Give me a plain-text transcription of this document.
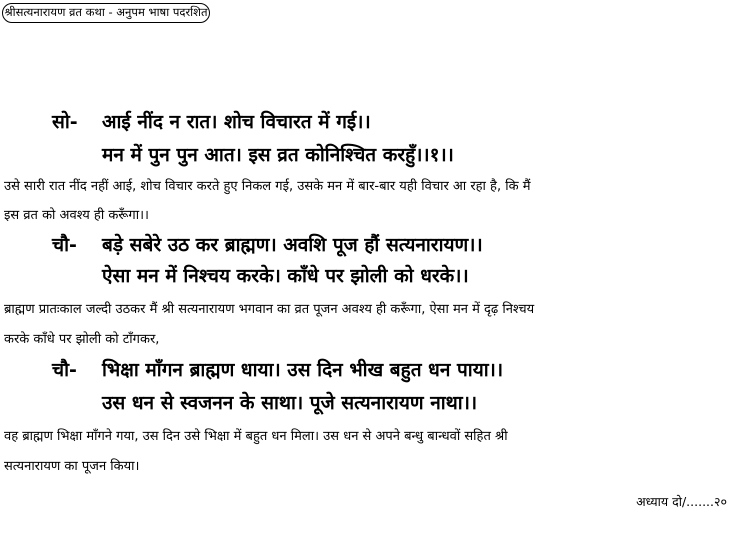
श्रीसत्यनारायण व्रत कथा - अनुपम भाषा पदरशित
सो-	आई नींद न रात। शोच विचारत में गई।।
मन में पुन पुन आत। इस व्रत कोनिश्चित करहुँ।।१।।
उसे सारी रात नींद नहीं आई, शोच विचार करते हुए निकल गई, उसके मन में बार-बार यही विचार आ रहा है, कि मैं
इस व्रत को अवश्य ही करूँगा।।
चौ-	बड़े सबेरे उठ कर ब्राह्मण। अवशि पूज हौं सत्यनारायण।।
ऐसा मन में निश्चय करके। काँधे पर झोली को धरके।।
ब्राह्मण प्रातःकाल जल्दी उठकर मैं श्री सत्यनारायण भगवान का व्रत पूजन अवश्य ही करूँगा, ऐसा मन में दृढ़ निश्चय
करके काँधे पर झोली को टाँगकर,
चौ-	भिक्षा माँगन ब्राह्मण धाया। उस दिन भीख बहुत धन पाया।।
उस धन से स्वजनन के साथा। पूजे सत्यनारायण नाथा।।
वह ब्राह्मण भिक्षा माँगने गया, उस दिन उसे भिक्षा में बहुत धन मिला। उस धन से अपने बन्धु बान्धवों सहित श्री
सत्यनारायण का पूजन किया।
अध्याय दो/.......२०
